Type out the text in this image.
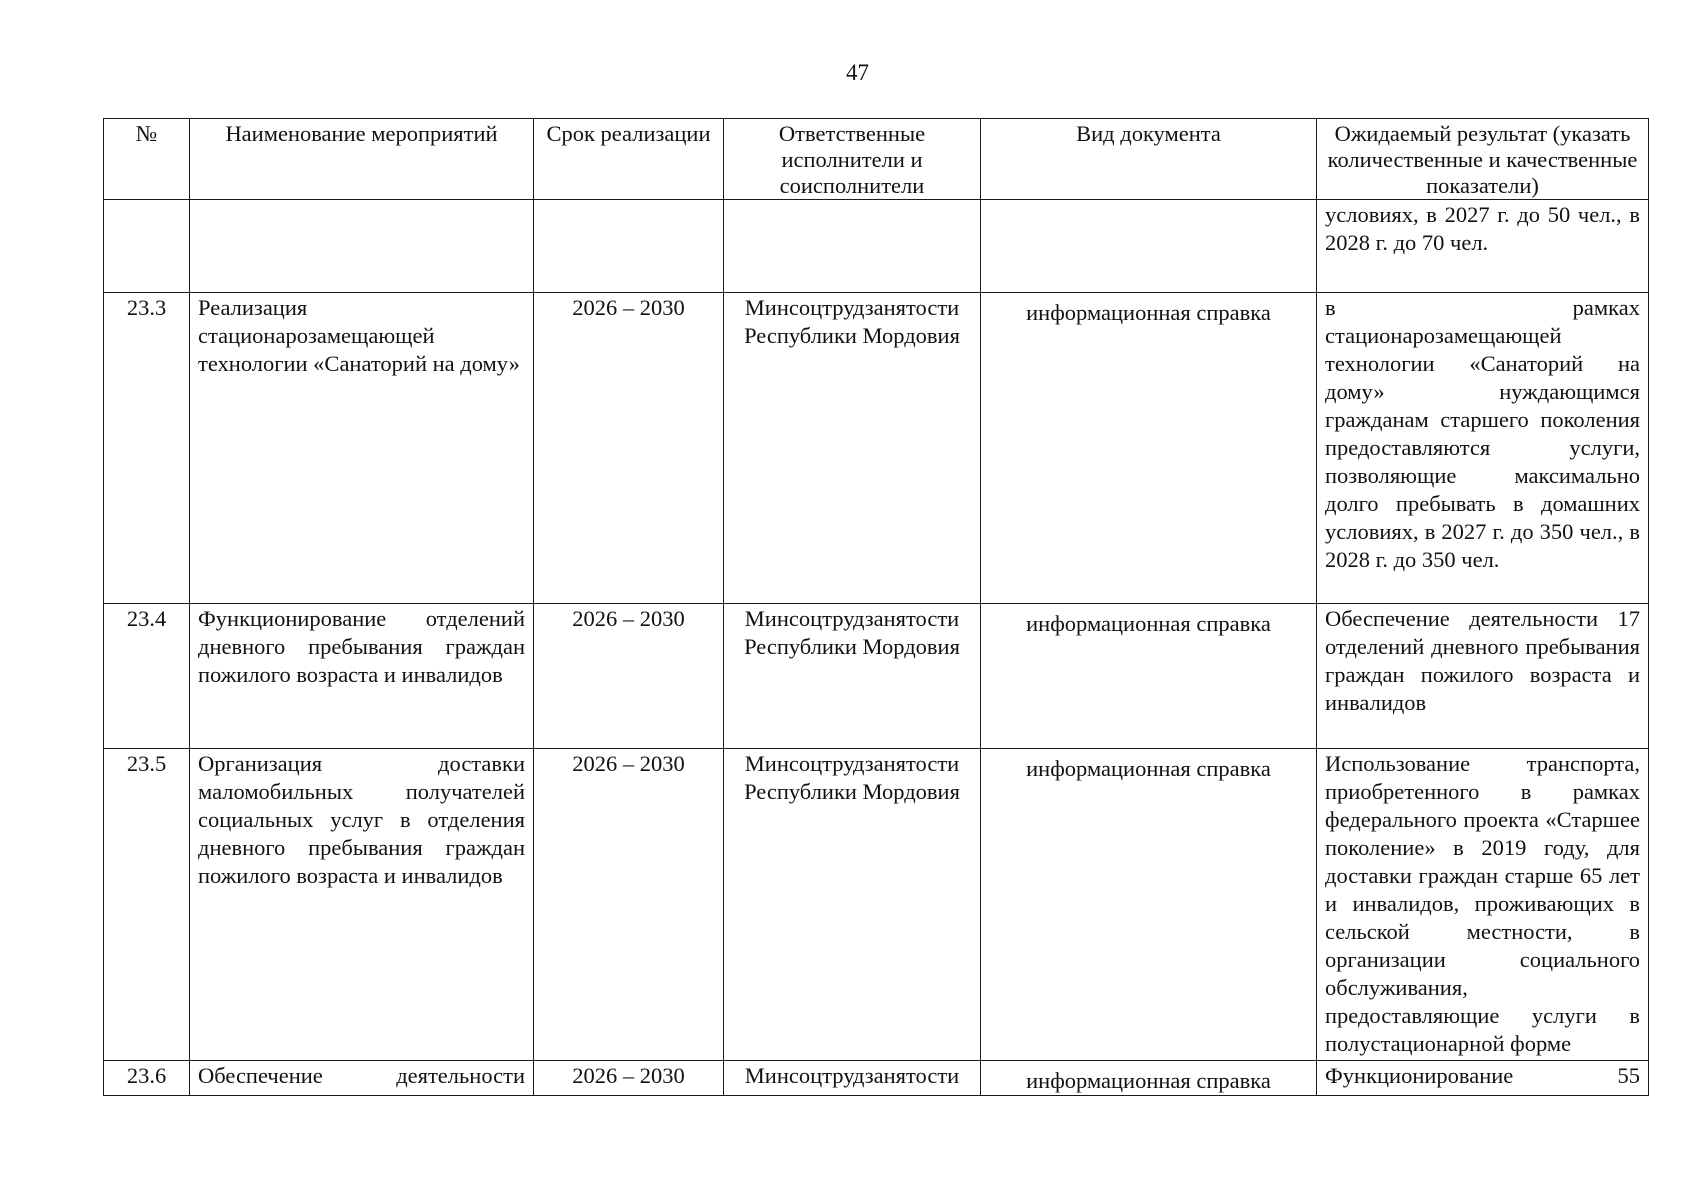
47
№	Наименование мероприятий	Срок реализации	Ответственные исполнители и соисполнители	Вид документа	Ожидаемый результат (указать количественные и качественные показатели)
					условиях, в 2027 г. до 50 чел., в 2028 г. до 70 чел.
23.3	Реализация стационарозамещающей технологии «Санаторий на дому»	2026 – 2030	Минсоцтрудзанятости Республики Мордовия	информационная справка	в рамках стационарозамещающей технологии «Санаторий на дому» нуждающимся гражданам старшего поколения предоставляются услуги, позволяющие максимально долго пребывать в домашних условиях, в 2027 г. до 350 чел., в 2028 г. до 350 чел.
23.4	Функционирование отделений дневного пребывания граждан пожилого возраста и инвалидов	2026 – 2030	Минсоцтрудзанятости Республики Мордовия	информационная справка	Обеспечение деятельности 17 отделений дневного пребывания граждан пожилого возраста и инвалидов
23.5	Организация доставки маломобильных получателей социальных услуг в отделения дневного пребывания граждан пожилого возраста и инвалидов	2026 – 2030	Минсоцтрудзанятости Республики Мордовия	информационная справка	Использование транспорта, приобретенного в рамках федерального проекта «Старшее поколение» в 2019 году, для доставки граждан старше 65 лет и инвалидов, проживающих в сельской местности, в организации социального обслуживания, предоставляющие услуги в полустационарной форме
23.6	Обеспечение деятельности	2026 – 2030	Минсоцтрудзанятости	информационная справка	Функционирование 55
